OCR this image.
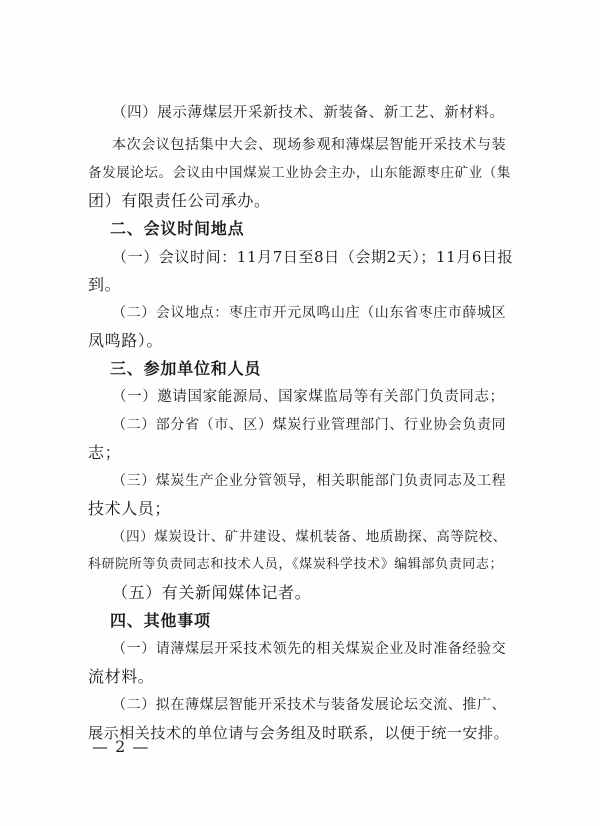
（四）展示薄煤层开采新技术、新装备、新工艺、新材料。
本次会议包括集中大会、现场参观和薄煤层智能开采技术与装
备发展论坛。会议由中国煤炭工业协会主办，山东能源枣庄矿业（集
团）有限责任公司承办。
二、会议时间地点
（一）会议时间：11月7日至8日（会期2天）；11月6日报
到。
（二）会议地点：枣庄市开元凤鸣山庄（山东省枣庄市薛城区
凤鸣路）。
三、参加单位和人员
（一）邀请国家能源局、国家煤监局等有关部门负责同志；
（二）部分省（市、区）煤炭行业管理部门、行业协会负责同
志；
（三）煤炭生产企业分管领导，相关职能部门负责同志及工程
技术人员；
（四）煤炭设计、矿井建设、煤机装备、地质勘探、高等院校、
科研院所等负责同志和技术人员，《煤炭科学技术》编辑部负责同志；
（五）有关新闻媒体记者。
四、其他事项
（一）请薄煤层开采技术领先的相关煤炭企业及时准备经验交
流材料。
（二）拟在薄煤层智能开采技术与装备发展论坛交流、推广、
展示相关技术的单位请与会务组及时联系，以便于统一安排。
— 2 —
